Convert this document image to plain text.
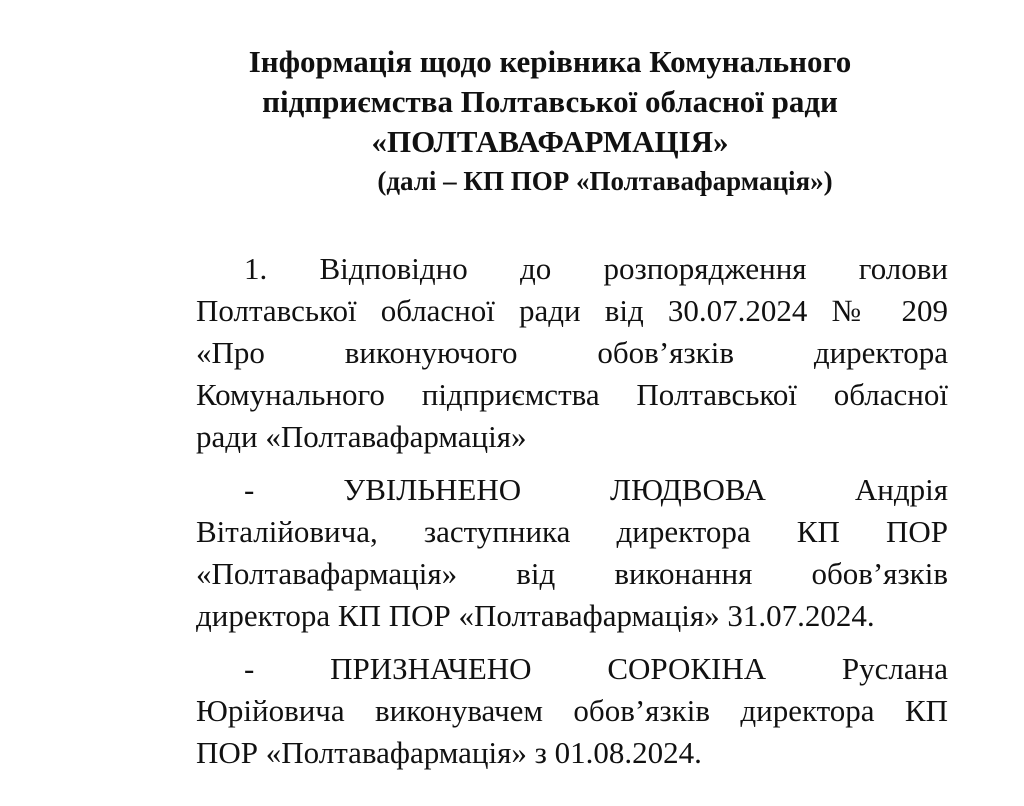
Інформація щодо керівника Комунального
підприємства Полтавської обласної ради
«ПОЛТАВАФАРМАЦІЯ»
(далі – КП ПОР «Полтавафармація»)
1. Відповідно до розпорядження голови
Полтавської обласної ради від 30.07.2024 № 209
«Про виконуючого обов’язків директора
Комунального підприємства Полтавської обласної
ради «Полтавафармація»
- УВІЛЬНЕНО ЛЮДВОВА Андрія
Віталійовича, заступника директора КП ПОР
«Полтавафармація» від виконання обов’язків
директора КП ПОР «Полтавафармація» 31.07.2024.
- ПРИЗНАЧЕНО СОРОКІНА Руслана
Юрійовича виконувачем обов’язків директора КП
ПОР «Полтавафармація» з 01.08.2024.
